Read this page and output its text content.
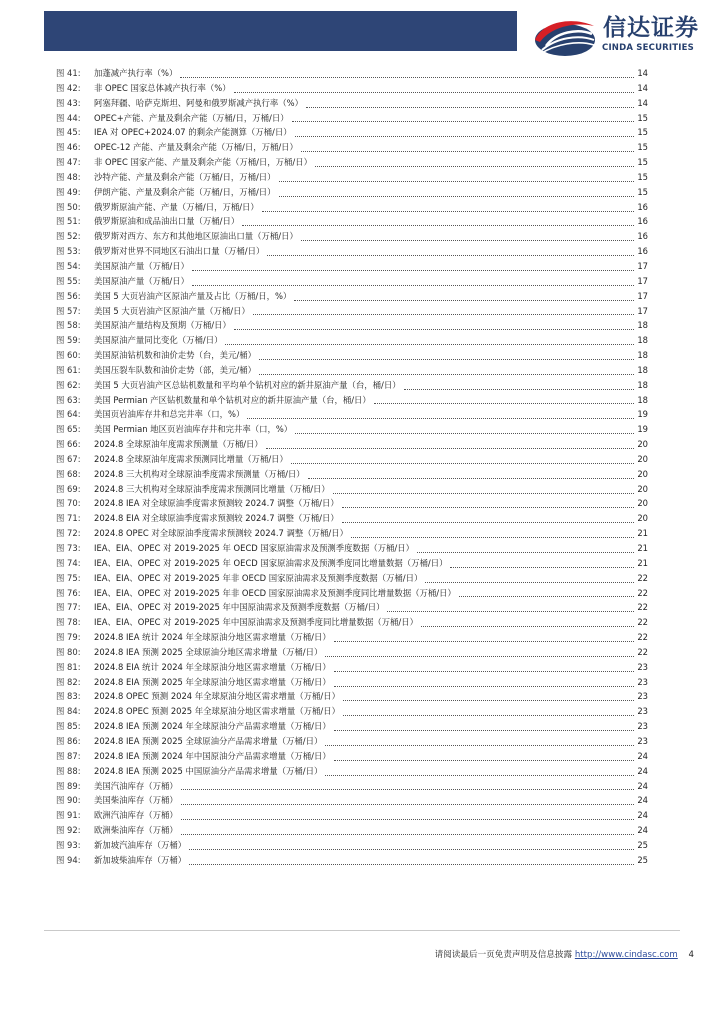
信达证券
CINDA SECURITIES
图 41:	加蓬减产执行率（%）	14
图 42:	非 OPEC 国家总体减产执行率（%）	14
图 43:	阿塞拜疆、哈萨克斯坦、阿曼和俄罗斯减产执行率（%）	14
图 44:	OPEC+产能、产量及剩余产能（万桶/日，万桶/日）	15
图 45:	IEA 对 OPEC+2024.07 的剩余产能测算（万桶/日）	15
图 46:	OPEC-12 产能、产量及剩余产能（万桶/日，万桶/日）	15
图 47:	非 OPEC 国家产能、产量及剩余产能（万桶/日，万桶/日）	15
图 48:	沙特产能、产量及剩余产能（万桶/日，万桶/日）	15
图 49:	伊朗产能、产量及剩余产能（万桶/日，万桶/日）	15
图 50:	俄罗斯原油产能、产量（万桶/日，万桶/日）	16
图 51:	俄罗斯原油和成品油出口量（万桶/日）	16
图 52:	俄罗斯对西方、东方和其他地区原油出口量（万桶/日）	16
图 53:	俄罗斯对世界不同地区石油出口量（万桶/日）	16
图 54:	美国原油产量（万桶/日）	17
图 55:	美国原油产量（万桶/日）	17
图 56:	美国 5 大页岩油产区原油产量及占比（万桶/日，%）	17
图 57:	美国 5 大页岩油产区原油产量（万桶/日）	17
图 58:	美国原油产量结构及预期（万桶/日）	18
图 59:	美国原油产量同比变化（万桶/日）	18
图 60:	美国原油钻机数和油价走势（台，美元/桶）	18
图 61:	美国压裂车队数和油价走势（部，美元/桶）	18
图 62:	美国 5 大页岩油产区总钻机数量和平均单个钻机对应的新井原油产量（台，桶/日）	18
图 63:	美国 Permian 产区钻机数量和单个钻机对应的新井原油产量（台，桶/日）	18
图 64:	美国页岩油库存井和总完井率（口，%）	19
图 65:	美国 Permian 地区页岩油库存井和完井率（口，%）	19
图 66:	2024.8 全球原油年度需求预测量（万桶/日）	20
图 67:	2024.8 全球原油年度需求预测同比增量（万桶/日）	20
图 68:	2024.8 三大机构对全球原油季度需求预测量（万桶/日）	20
图 69:	2024.8 三大机构对全球原油季度需求预测同比增量（万桶/日）	20
图 70:	2024.8 IEA 对全球原油季度需求预测较 2024.7 调整（万桶/日）	20
图 71:	2024.8 EIA 对全球原油季度需求预测较 2024.7 调整（万桶/日）	20
图 72:	2024.8 OPEC 对全球原油季度需求预测较 2024.7 调整（万桶/日）	21
图 73:	IEA、EIA、OPEC 对 2019-2025 年 OECD 国家原油需求及预测季度数据（万桶/日）	21
图 74:	IEA、EIA、OPEC 对 2019-2025 年 OECD 国家原油需求及预测季度同比增量数据（万桶/日）	21
图 75:	IEA、EIA、OPEC 对 2019-2025 年非 OECD 国家原油需求及预测季度数据（万桶/日）	22
图 76:	IEA、EIA、OPEC 对 2019-2025 年非 OECD 国家原油需求及预测季度同比增量数据（万桶/日）	22
图 77:	IEA、EIA、OPEC 对 2019-2025 年中国原油需求及预测季度数据（万桶/日）	22
图 78:	IEA、EIA、OPEC 对 2019-2025 年中国原油需求及预测季度同比增量数据（万桶/日）	22
图 79:	2024.8 IEA 统计 2024 年全球原油分地区需求增量（万桶/日）	22
图 80:	2024.8 IEA 预测 2025 全球原油分地区需求增量（万桶/日）	22
图 81:	2024.8 EIA 统计 2024 年全球原油分地区需求增量（万桶/日）	23
图 82:	2024.8 EIA 预测 2025 年全球原油分地区需求增量（万桶/日）	23
图 83:	2024.8 OPEC 预测 2024 年全球原油分地区需求增量（万桶/日）	23
图 84:	2024.8 OPEC 预测 2025 年全球原油分地区需求增量（万桶/日）	23
图 85:	2024.8 IEA 预测 2024 年全球原油分产品需求增量（万桶/日）	23
图 86:	2024.8 IEA 预测 2025 全球原油分产品需求增量（万桶/日）	23
图 87:	2024.8 IEA 预测 2024 年中国原油分产品需求增量（万桶/日）	24
图 88:	2024.8 IEA 预测 2025 中国原油分产品需求增量（万桶/日）	24
图 89:	美国汽油库存（万桶）	24
图 90:	美国柴油库存（万桶）	24
图 91:	欧洲汽油库存（万桶）	24
图 92:	欧洲柴油库存（万桶）	24
图 93:	新加坡汽油库存（万桶）	25
图 94:	新加坡柴油库存（万桶）	25
请阅读最后一页免责声明及信息披露 http://www.cindasc.com 4
